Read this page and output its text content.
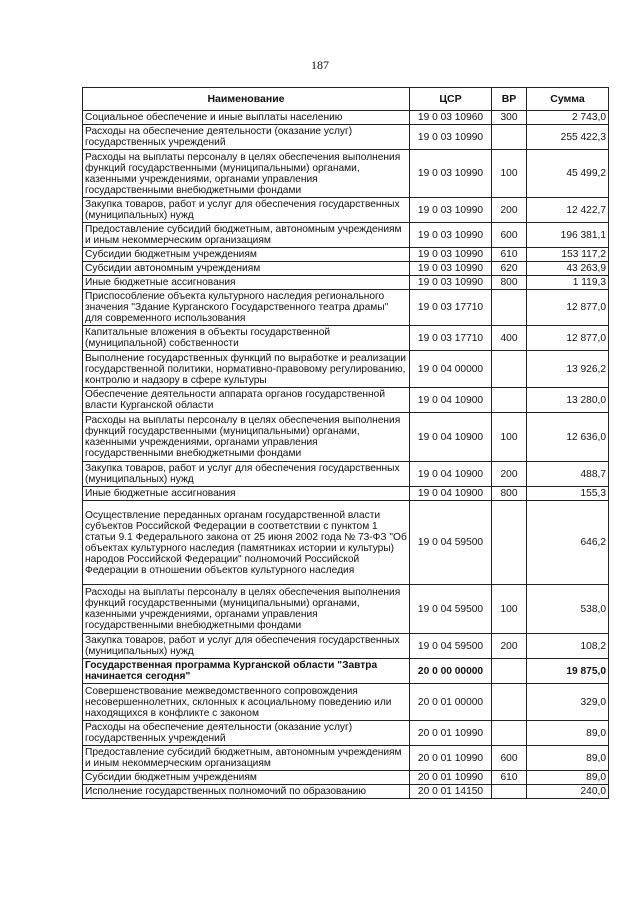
187
Наименование	ЦСР	ВР	Сумма
Социальное обеспечение и иные выплаты населению	19 0 03 10960	300	2 743,0
Расходы на обеспечение деятельности (оказание услуг) государственных учреждений	19 0 03 10990		255 422,3
Расходы на выплаты персоналу в целях обеспечения выполнения функций государственными (муниципальными) органами, казенными учреждениями, органами управления государственными внебюджетными фондами	19 0 03 10990	100	45 499,2
Закупка товаров, работ и услуг для обеспечения государственных (муниципальных) нужд	19 0 03 10990	200	12 422,7
Предоставление субсидий бюджетным, автономным учреждениям и иным некоммерческим организациям	19 0 03 10990	600	196 381,1
Субсидии бюджетным учреждениям	19 0 03 10990	610	153 117,2
Субсидии автономным учреждениям	19 0 03 10990	620	43 263,9
Иные бюджетные ассигнования	19 0 03 10990	800	1 119,3
Приспособление объекта культурного наследия регионального значения "Здание Курганского Государственного театра драмы" для современного использования	19 0 03 17710		12 877,0
Капитальные вложения в объекты государственной (муниципальной) собственности	19 0 03 17710	400	12 877,0
Выполнение государственных функций по выработке и реализации государственной политики, нормативно-правовому регулированию, контролю и надзору в сфере культуры	19 0 04 00000		13 926,2
Обеспечение деятельности аппарата органов государственной власти Курганской области	19 0 04 10900		13 280,0
Расходы на выплаты персоналу в целях обеспечения выполнения функций государственными (муниципальными) органами, казенными учреждениями, органами управления государственными внебюджетными фондами	19 0 04 10900	100	12 636,0
Закупка товаров, работ и услуг для обеспечения государственных (муниципальных) нужд	19 0 04 10900	200	488,7
Иные бюджетные ассигнования	19 0 04 10900	800	155,3
Осуществление переданных органам государственной власти субъектов Российской Федерации в соответствии с пунктом 1 статьи 9.1 Федерального закона от 25 июня 2002 года № 73-ФЗ "Об объектах культурного наследия (памятниках истории и культуры) народов Российской Федерации" полномочий Российской Федерации в отношении объектов культурного наследия	19 0 04 59500		646,2
Расходы на выплаты персоналу в целях обеспечения выполнения функций государственными (муниципальными) органами, казенными учреждениями, органами управления государственными внебюджетными фондами	19 0 04 59500	100	538,0
Закупка товаров, работ и услуг для обеспечения государственных (муниципальных) нужд	19 0 04 59500	200	108,2
Государственная программа Курганской области "Завтра начинается сегодня"	20 0 00 00000		19 875,0
Совершенствование межведомственного сопровождения несовершеннолетних, склонных к асоциальному поведению или находящихся в конфликте с законом	20 0 01 00000		329,0
Расходы на обеспечение деятельности (оказание услуг) государственных учреждений	20 0 01 10990		89,0
Предоставление субсидий бюджетным, автономным учреждениям и иным некоммерческим организациям	20 0 01 10990	600	89,0
Субсидии бюджетным учреждениям	20 0 01 10990	610	89,0
Исполнение государственных полномочий по образованию	20 0 01 14150		240,0
